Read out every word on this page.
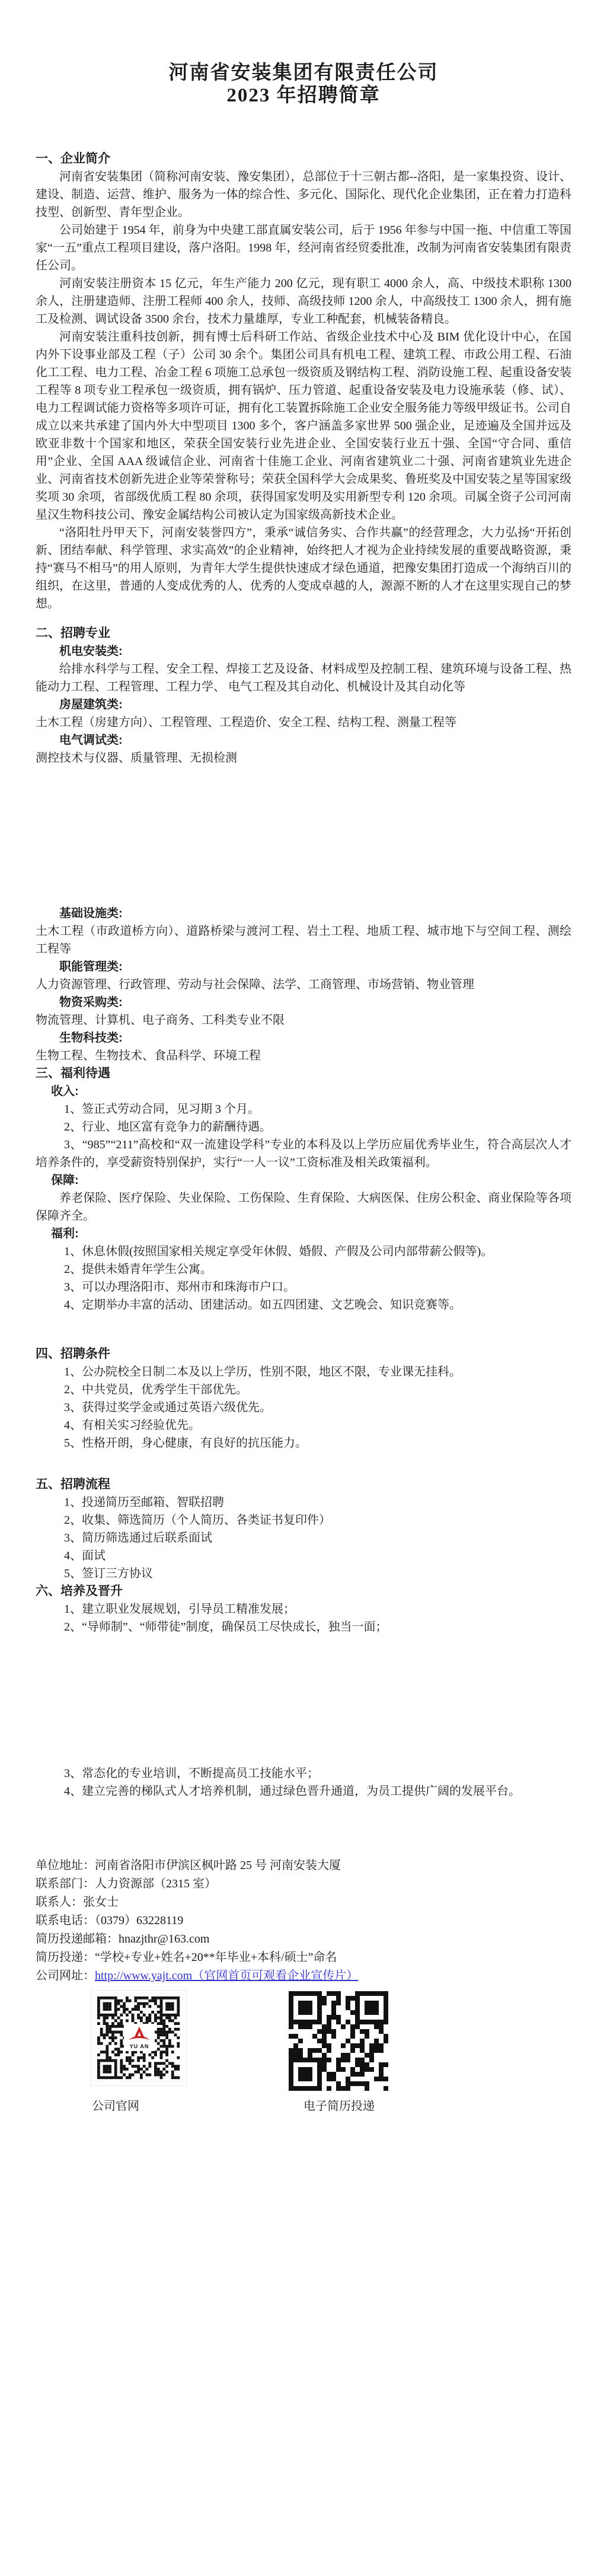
河南省安装集团有限责任公司
2023 年招聘简章
一、企业简介
河南省安装集团（简称河南安装、豫安集团），总部位于十三朝古都--洛阳，是一家集投资、设计、建设、制造、运营、维护、服务为一体的综合性、多元化、国际化、现代化企业集团，正在着力打造科技型、创新型、青年型企业。
公司始建于 1954 年，前身为中央建工部直属安装公司，后于 1956 年参与中国一拖、中信重工等国家“一五”重点工程项目建设，落户洛阳。1998 年，经河南省经贸委批准，改制为河南省安装集团有限责任公司。
河南安装注册资本 15 亿元，年生产能力 200 亿元，现有职工 4000 余人，高、中级技术职称 1300 余人，注册建造师、注册工程师 400 余人，技师、高级技师 1200 余人，中高级技工 1300 余人，拥有施工及检测、调试设备 3500 余台，技术力量雄厚，专业工种配套，机械装备精良。
河南安装注重科技创新，拥有博士后科研工作站、省级企业技术中心及 BIM 优化设计中心，在国内外下设事业部及工程（子）公司 30 余个。集团公司具有机电工程、建筑工程、市政公用工程、石油化工工程、电力工程、冶金工程 6 项施工总承包一级资质及钢结构工程、消防设施工程、起重设备安装工程等 8 项专业工程承包一级资质，拥有锅炉、压力管道、起重设备安装及电力设施承装（修、试）、电力工程调试能力资格等多项许可证，拥有化工装置拆除施工企业安全服务能力等级甲级证书。公司自成立以来共承建了国内外大中型项目 1300 多个，客户涵盖多家世界 500 强企业，足迹遍及全国并远及欧亚非数十个国家和地区，荣获全国安装行业先进企业、全国安装行业五十强、全国“守合同、重信用”企业、全国 AAA 级诚信企业、河南省十佳施工企业、河南省建筑业二十强、河南省建筑业先进企业、河南省技术创新先进企业等荣誉称号；荣获全国科学大会成果奖、鲁班奖及中国安装之星等国家级奖项 30 余项，省部级优质工程 80 余项，获得国家发明及实用新型专利 120 余项。司属全资子公司河南星汉生物科技公司、豫安金属结构公司被认定为国家级高新技术企业。
“洛阳牡丹甲天下，河南安装誉四方”，秉承“诚信务实、合作共赢”的经营理念，大力弘扬“开拓创新、团结奉献、科学管理、求实高效”的企业精神，始终把人才视为企业持续发展的重要战略资源，秉持“赛马不相马”的用人原则，为青年大学生提供快速成才绿色通道，把豫安集团打造成一个海纳百川的组织，在这里，普通的人变成优秀的人、优秀的人变成卓越的人，源源不断的人才在这里实现自己的梦想。
二、招聘专业
机电安装类:
给排水科学与工程、安全工程、焊接工艺及设备、材料成型及控制工程、建筑环境与设备工程、热能动力工程、工程管理、工程力学、 电气工程及其自动化、机械设计及其自动化等
房屋建筑类:
土木工程（房建方向）、工程管理、工程造价、安全工程、结构工程、测量工程等
电气调试类:
测控技术与仪器、质量管理、无损检测
基础设施类:
土木工程（市政道桥方向）、道路桥梁与渡河工程、岩土工程、地质工程、城市地下与空间工程、测绘工程等
职能管理类:
人力资源管理、行政管理、劳动与社会保障、法学、工商管理、市场营销、物业管理
物资采购类:
物流管理、计算机、电子商务、工科类专业不限
生物科技类:
生物工程、生物技术、食品科学、环境工程
三、福利待遇
收入:
1、签正式劳动合同，见习期 3 个月。
2、行业、地区富有竞争力的薪酬待遇。
3、“985”“211”高校和“双一流建设学科”专业的本科及以上学历应届优秀毕业生，符合高层次人才培养条件的，享受薪资特别保护，实行“一人一议”工资标准及相关政策福利。
保障:
养老保险、医疗保险、失业保险、工伤保险、生育保险、大病医保、住房公积金、商业保险等各项保障齐全。
福利:
1、休息休假(按照国家相关规定享受年休假、婚假、产假及公司内部带薪公假等)。
2、提供未婚青年学生公寓。
3、可以办理洛阳市、郑州市和珠海市户口。
4、定期举办丰富的活动、团建活动。如五四团建、文艺晚会、知识竞赛等。
四、招聘条件
1、公办院校全日制二本及以上学历，性别不限，地区不限，专业课无挂科。
2、中共党员，优秀学生干部优先。
3、获得过奖学金或通过英语六级优先。
4、有相关实习经验优先。
5、性格开朗，身心健康，有良好的抗压能力。
五、招聘流程
1、投递简历至邮箱、智联招聘
2、收集、筛选简历（个人简历、各类证书复印件）
3、简历筛选通过后联系面试
4、面试
5、签订三方协议
六、培养及晋升
1、建立职业发展规划，引导员工精准发展；
2、“导师制”、“师带徒”制度，确保员工尽快成长，独当一面；
3、常态化的专业培训，不断提高员工技能水平；
4、建立完善的梯队式人才培养机制，通过绿色晋升通道，为员工提供广阔的发展平台。
单位地址：河南省洛阳市伊滨区枫叶路 25 号 河南安装大厦
联系部门：人力资源部（2315 室）
联系人：张女士
联系电话：（0379）63228119
简历投递邮箱：hnazjthr@163.com
简历投递：“学校+专业+姓名+20**年毕业+本科/硕士”命名
公司网址：http://www.yajt.com（官网首页可观看企业宣传片）
YU AN
公司官网	电子简历投递
